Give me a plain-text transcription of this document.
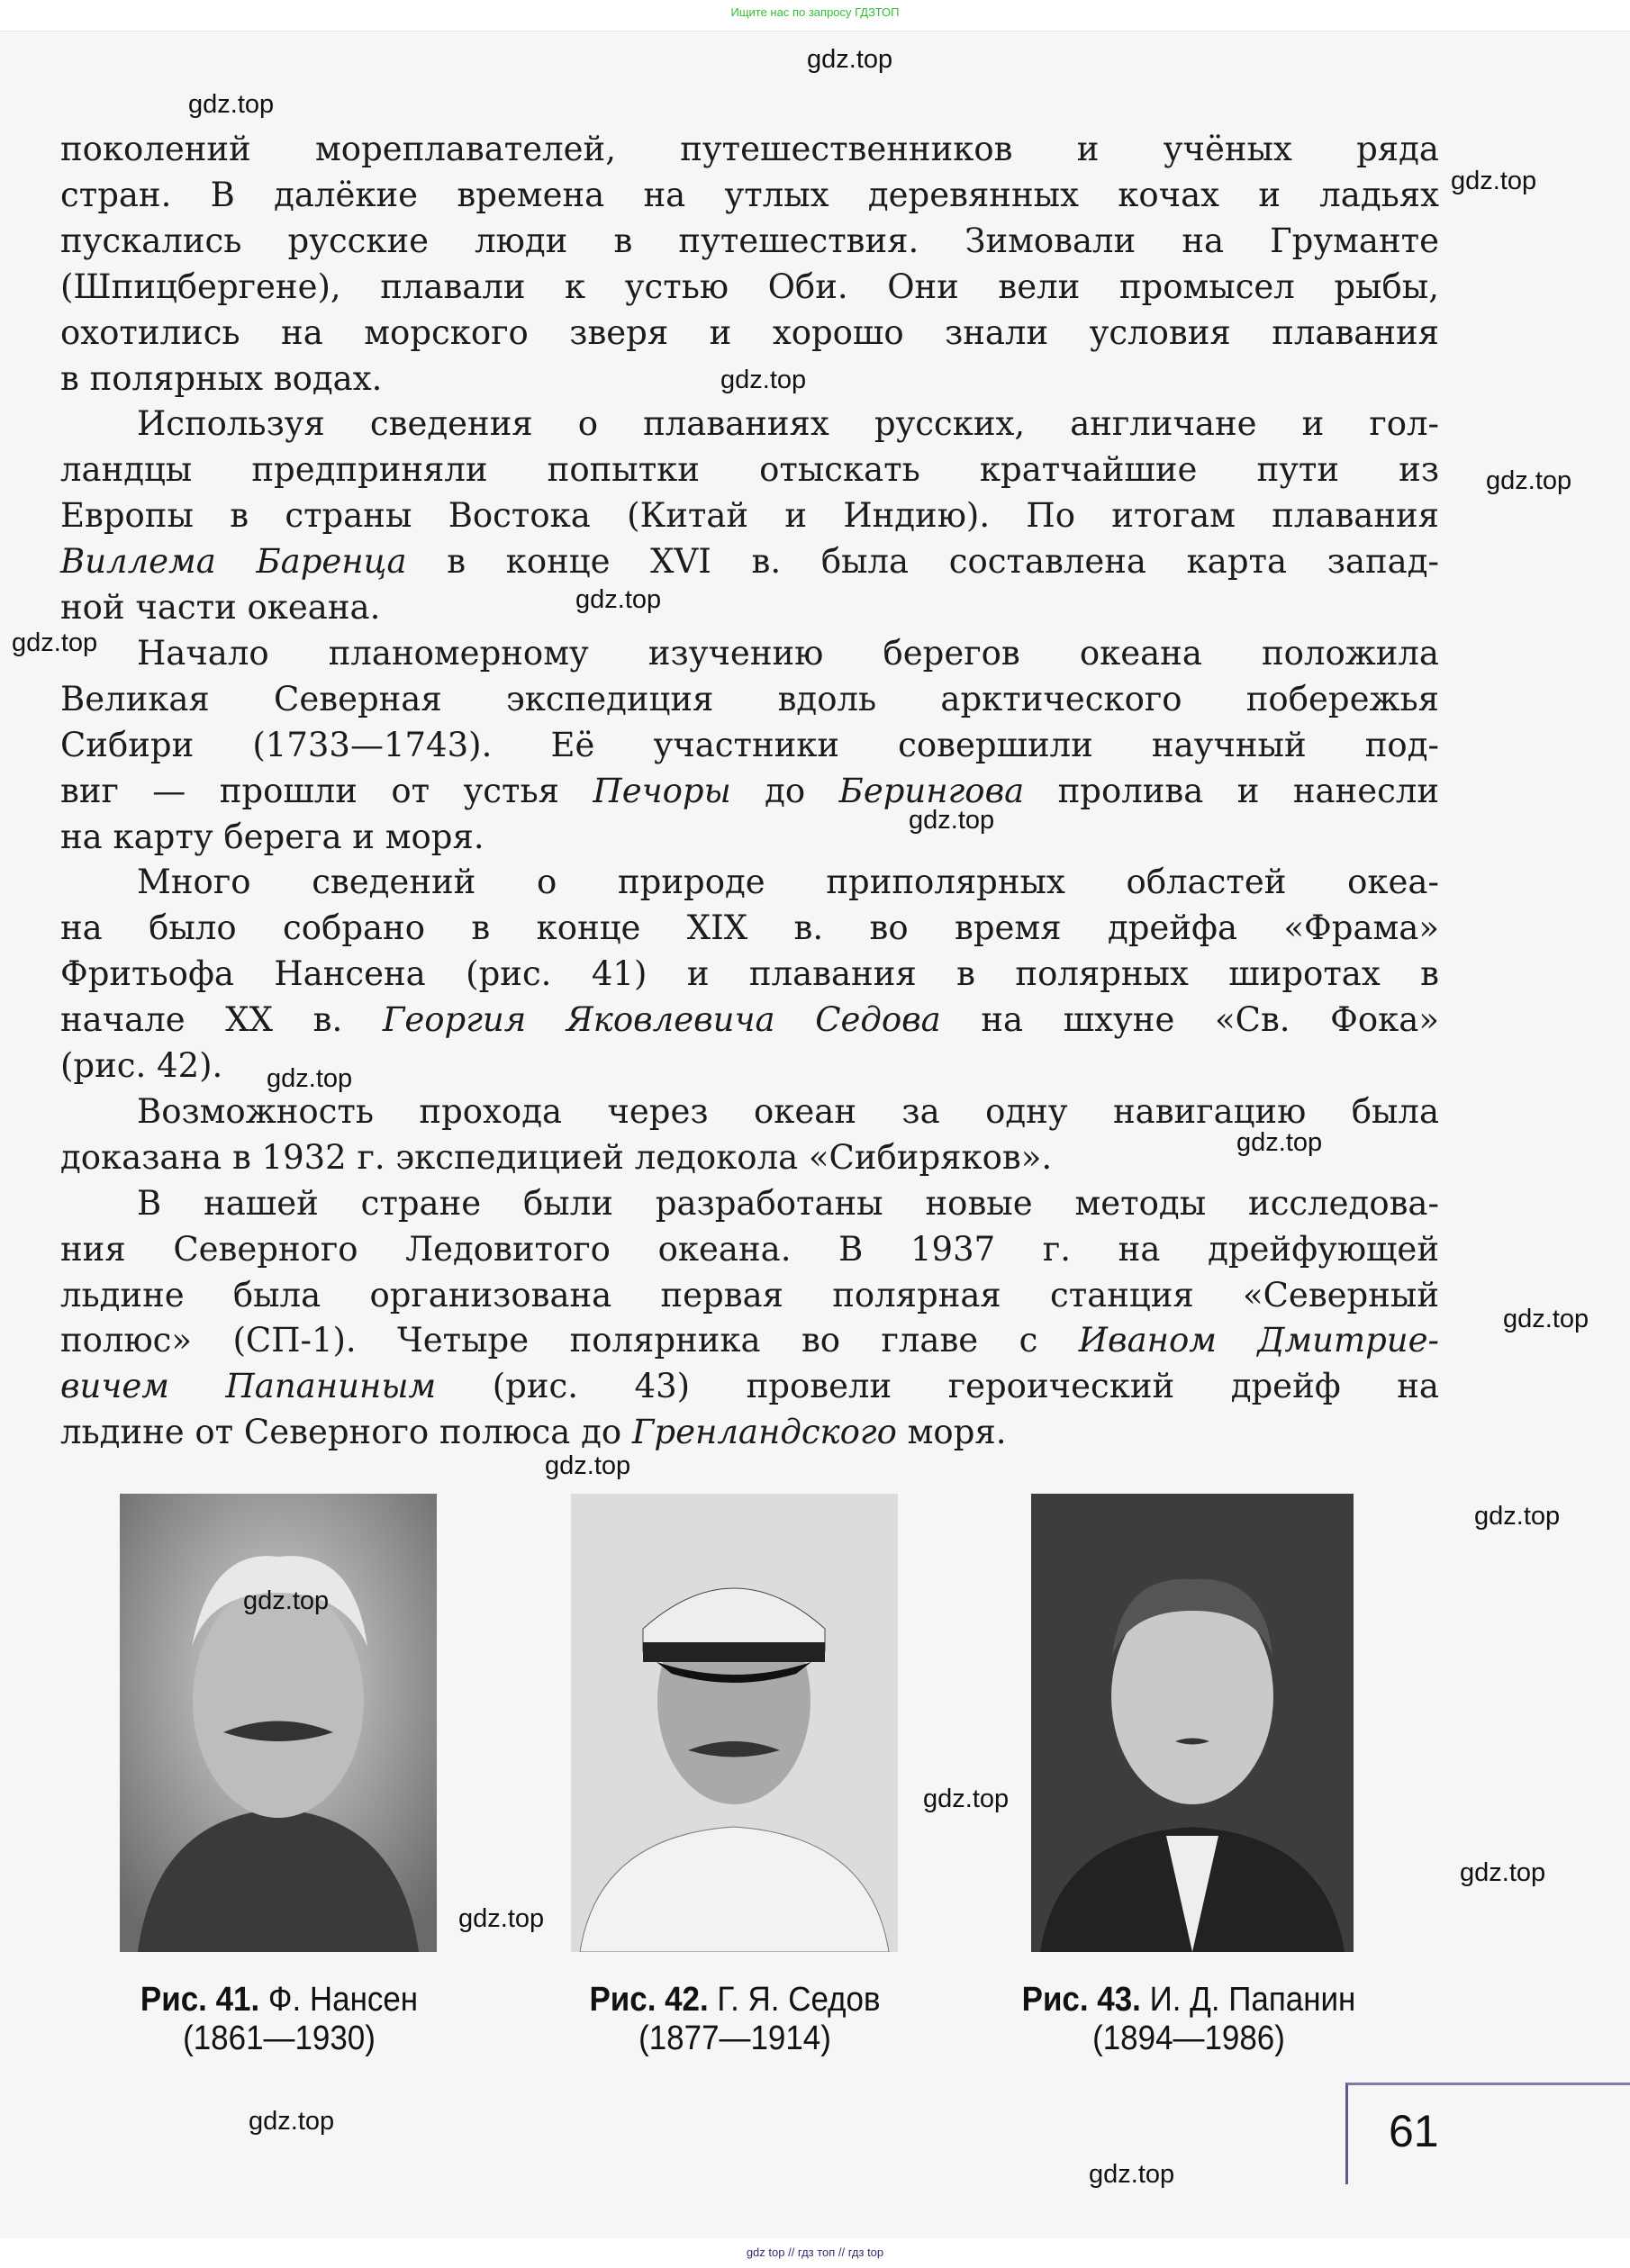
Ищите нас по запросу ГДЗТОП
поколений мореплавателей, путешественников и учёных ряда
стран. В далёкие времена на утлых деревянных кочах и ладьях
пускались русские люди в путешествия. Зимовали на Груманте
(Шпицбергене), плавали к устью Оби. Они вели промысел рыбы,
охотились на морского зверя и хорошо знали условия плавания
в полярных водах.
Используя сведения о плаваниях русских, англичане и гол-
ландцы предприняли попытки отыскать кратчайшие пути из
Европы в страны Востока (Китай и Индию). По итогам плавания
Виллема Баренца в конце XVI в. была составлена карта запад-
ной части океана.
Начало планомерному изучению берегов океана положила
Великая Северная экспедиция вдоль арктического побережья
Сибири (1733—1743). Её участники совершили научный под-
виг — прошли от устья Печоры до Берингова пролива и нанесли
на карту берега и моря.
Много сведений о природе приполярных областей океа-
на было собрано в конце XIX в. во время дрейфа «Фрама»
Фритьофа Нансена (рис. 41) и плавания в полярных широтах в
начале XX в. Георгия Яковлевича Седова на шхуне «Св. Фока»
(рис. 42).
Возможность прохода через океан за одну навигацию была
доказана в 1932 г. экспедицией ледокола «Сибиряков».
В нашей стране были разработаны новые методы исследова-
ния Северного Ледовитого океана. В 1937 г. на дрейфующей
льдине была организована первая полярная станция «Северный
полюс» (СП-1). Четыре полярника во главе с Иваном Дмитрие-
вичем Папаниным (рис. 43) провели героический дрейф на
льдине от Северного полюса до Гренландского моря.
Рис. 41. Ф. Нансен
(1861—1930)
Рис. 42. Г. Я. Седов
(1877—1914)
Рис. 43. И. Д. Папанин
(1894—1986)
61
gdz.top
gdz.top
gdz.top
gdz.top
gdz.top
gdz.top
gdz.top
gdz.top
gdz.top
gdz.top
gdz.top
gdz.top
gdz.top
gdz.top
gdz.top
gdz.top
gdz.top
gdz.top
gdz.top
gdz top // гдз топ // гдз top
